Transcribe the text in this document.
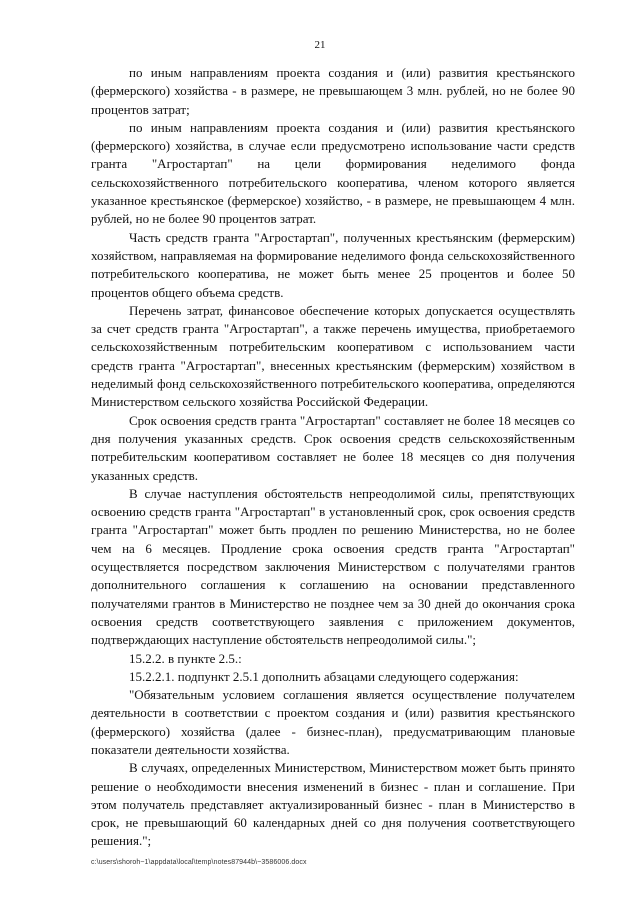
21

по иным направлениям проекта создания и (или) развития крестьянского (фермерского) хозяйства - в размере, не превышающем 3 млн. рублей, но не более 90 процентов затрат;

по иным направлениям проекта создания и (или) развития крестьянского (фермерского) хозяйства, в случае если предусмотрено использование части средств гранта "Агростартап" на цели формирования неделимого фонда сельскохозяйственного потребительского кооператива, членом которого является указанное крестьянское (фермерское) хозяйство, - в размере, не превышающем 4 млн. рублей, но не более 90 процентов затрат.

Часть средств гранта "Агростартап", полученных крестьянским (фермерским) хозяйством, направляемая на формирование неделимого фонда сельскохозяйственного потребительского кооператива, не может быть менее 25 процентов и более 50 процентов общего объема средств.

Перечень затрат, финансовое обеспечение которых допускается осуществлять за счет средств гранта "Агростартап", а также перечень имущества, приобретаемого сельскохозяйственным потребительским кооперативом с использованием части средств гранта "Агростартап", внесенных крестьянским (фермерским) хозяйством в неделимый фонд сельскохозяйственного потребительского кооператива, определяются Министерством сельского хозяйства Российской Федерации.

Срок освоения средств гранта "Агростартап" составляет не более 18 месяцев со дня получения указанных средств. Срок освоения средств сельскохозяйственным потребительским кооперативом составляет не более 18 месяцев со дня получения указанных средств.

В случае наступления обстоятельств непреодолимой силы, препятствующих освоению средств гранта "Агростартап" в установленный срок, срок освоения средств гранта "Агростартап" может быть продлен по решению Министерства, но не более чем на 6 месяцев. Продление срока освоения средств гранта "Агростартап" осуществляется посредством заключения Министерством с получателями грантов дополнительного соглашения к соглашению на основании представленного получателями грантов в Министерство не позднее чем за 30 дней до окончания срока освоения средств соответствующего заявления с приложением документов, подтверждающих наступление обстоятельств непреодолимой силы.";

15.2.2. в пункте 2.5.:

15.2.2.1. подпункт 2.5.1 дополнить абзацами следующего содержания:

"Обязательным условием соглашения является осуществление получателем деятельности в соответствии с проектом создания и (или) развития крестьянского (фермерского) хозяйства (далее - бизнес-план), предусматривающим плановые показатели деятельности хозяйства.

В случаях, определенных Министерством, Министерством может быть принято решение о необходимости внесения изменений в бизнес - план и соглашение. При этом получатель представляет актуализированный бизнес - план в Министерство в срок, не превышающий 60 календарных дней со дня получения соответствующего решения.";

c:\users\shoroh~1\appdata\local\temp\notes87944b\~3586006.docx
